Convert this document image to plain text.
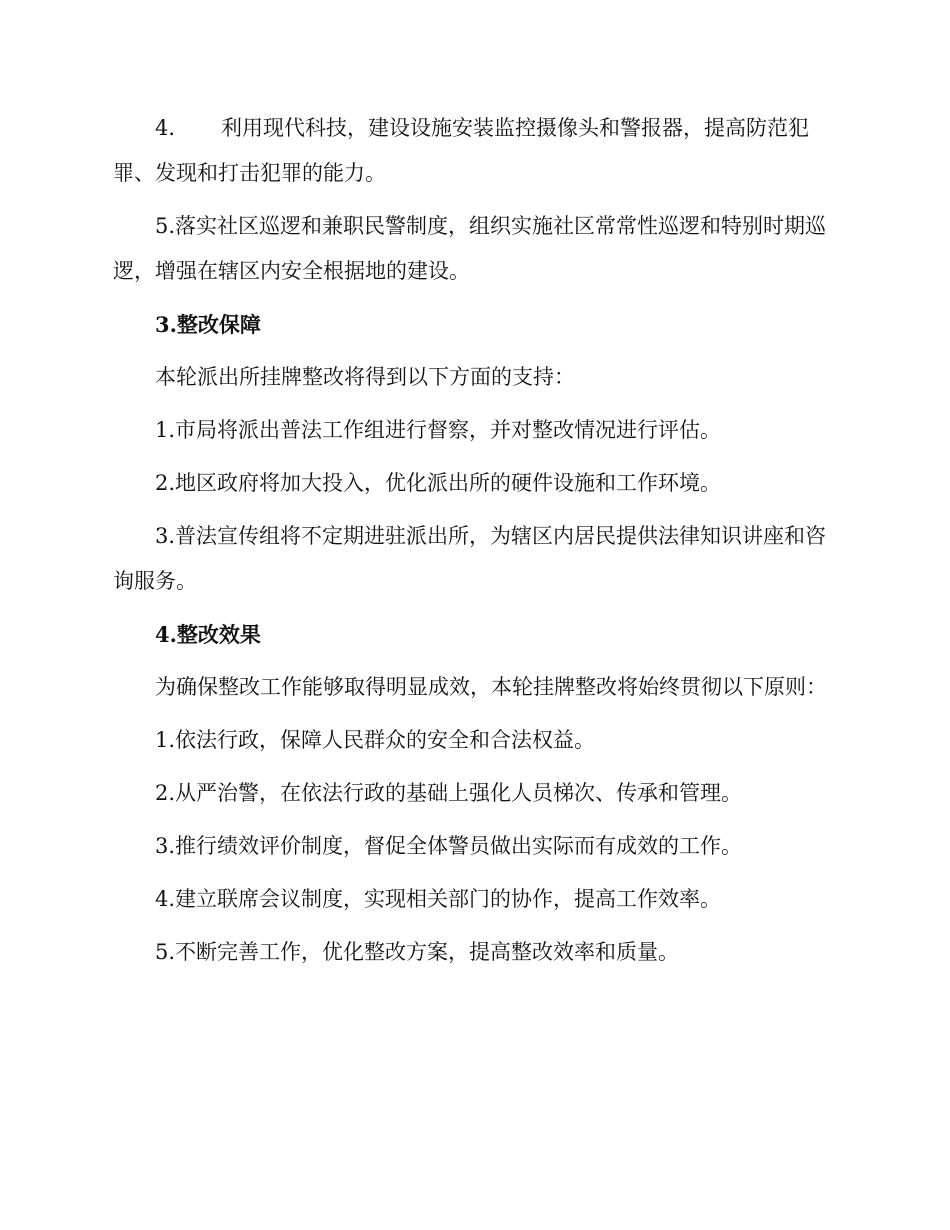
4. 利用现代科技，建设设施安装监控摄像头和警报器，提高防范犯罪、发现和打击犯罪的能力。

5.落实社区巡逻和兼职民警制度，组织实施社区常常性巡逻和特别时期巡逻，增强在辖区内安全根据地的建设。

3.整改保障

本轮派出所挂牌整改将得到以下方面的支持：

1.市局将派出普法工作组进行督察，并对整改情况进行评估。

2.地区政府将加大投入，优化派出所的硬件设施和工作环境。

3.普法宣传组将不定期进驻派出所，为辖区内居民提供法律知识讲座和咨询服务。

4.整改效果

为确保整改工作能够取得明显成效，本轮挂牌整改将始终贯彻以下原则：

1.依法行政，保障人民群众的安全和合法权益。

2.从严治警，在依法行政的基础上强化人员梯次、传承和管理。

3.推行绩效评价制度，督促全体警员做出实际而有成效的工作。

4.建立联席会议制度，实现相关部门的协作，提高工作效率。

5.不断完善工作，优化整改方案，提高整改效率和质量。
